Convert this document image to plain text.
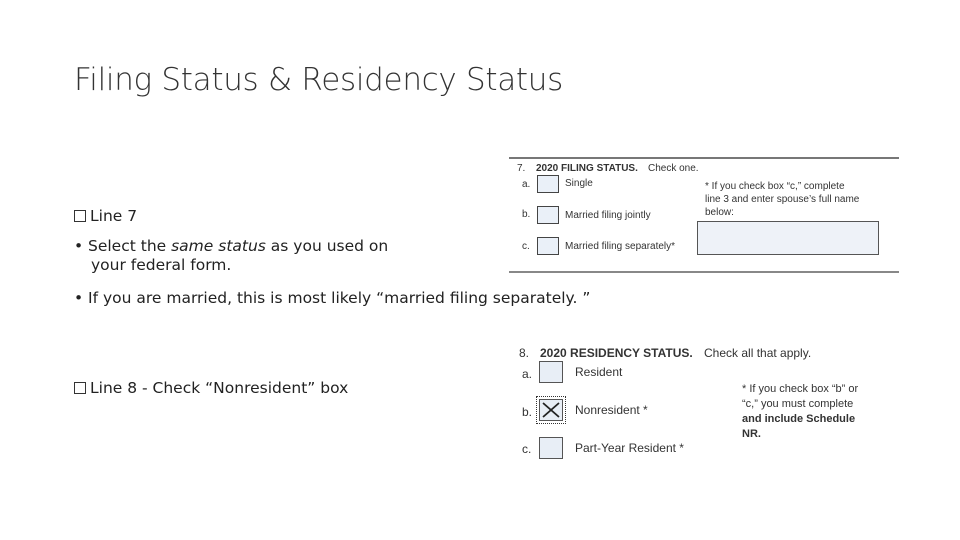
Filing Status & Residency Status
Line 7
• Select the same status as you used on
your federal form.
• If you are married, this is most likely “married filing separately. ”
Line 8 - Check “Nonresident” box
7. 2020 FILING STATUS. Check one.
a.	Single
b.	Married filing jointly
c.	Married filing separately*
* If you check box “c,” complete
line 3 and enter spouse’s full name
below:
8. 2020 RESIDENCY STATUS. Check all that apply.
a.	Resident
b.	Nonresident *
c.	Part-Year Resident *
* If you check box “b” or
“c,” you must complete
and include Schedule
NR.
